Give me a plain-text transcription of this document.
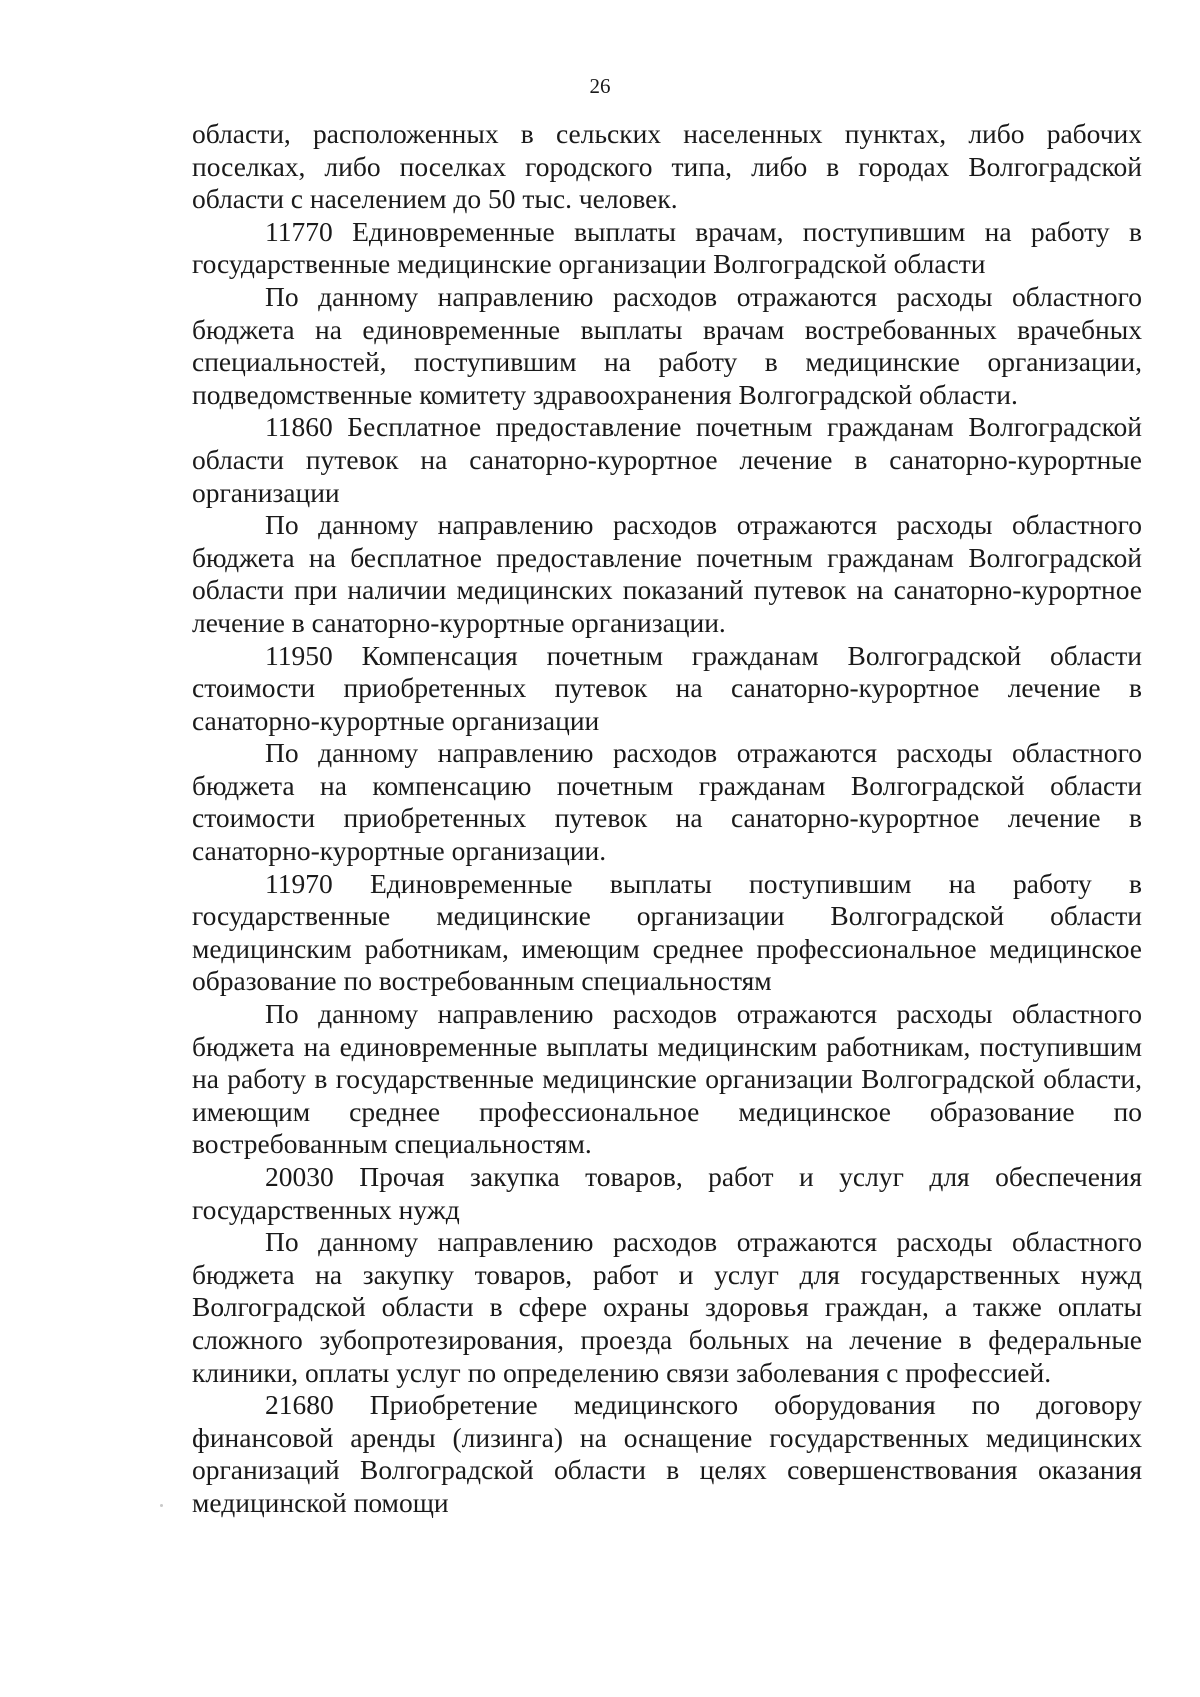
26

области, расположенных в сельских населенных пунктах, либо рабочих поселках, либо поселках городского типа, либо в городах Волгоградской области с населением до 50 тыс. человек.

11770 Единовременные выплаты врачам, поступившим на работу в государственные медицинские организации Волгоградской области

По данному направлению расходов отражаются расходы областного бюджета на единовременные выплаты врачам востребованных врачебных специальностей, поступившим на работу в медицинские организации, подведомственные комитету здравоохранения Волгоградской области.

11860 Бесплатное предоставление почетным гражданам Волгоградской области путевок на санаторно-курортное лечение в санаторно-курортные организации

По данному направлению расходов отражаются расходы областного бюджета на бесплатное предоставление почетным гражданам Волгоградской области при наличии медицинских показаний путевок на санаторно-курортное лечение в санаторно-курортные организации.

11950 Компенсация почетным гражданам Волгоградской области стоимости приобретенных путевок на санаторно-курортное лечение в санаторно-курортные организации

По данному направлению расходов отражаются расходы областного бюджета на компенсацию почетным гражданам Волгоградской области стоимости приобретенных путевок на санаторно-курортное лечение в санаторно-курортные организации.

11970 Единовременные выплаты поступившим на работу в государственные медицинские организации Волгоградской области медицинским работникам, имеющим среднее профессиональное медицинское образование по востребованным специальностям

По данному направлению расходов отражаются расходы областного бюджета на единовременные выплаты медицинским работникам, поступившим на работу в государственные медицинские организации Волгоградской области, имеющим среднее профессиональное медицинское образование по востребованным специальностям.

20030 Прочая закупка товаров, работ и услуг для обеспечения государственных нужд

По данному направлению расходов отражаются расходы областного бюджета на закупку товаров, работ и услуг для государственных нужд Волгоградской области в сфере охраны здоровья граждан, а также оплаты сложного зубопротезирования, проезда больных на лечение в федеральные клиники, оплаты услуг по определению связи заболевания с профессией.

21680 Приобретение медицинского оборудования по договору финансовой аренды (лизинга) на оснащение государственных медицинских организаций Волгоградской области в целях совершенствования оказания медицинской помощи
